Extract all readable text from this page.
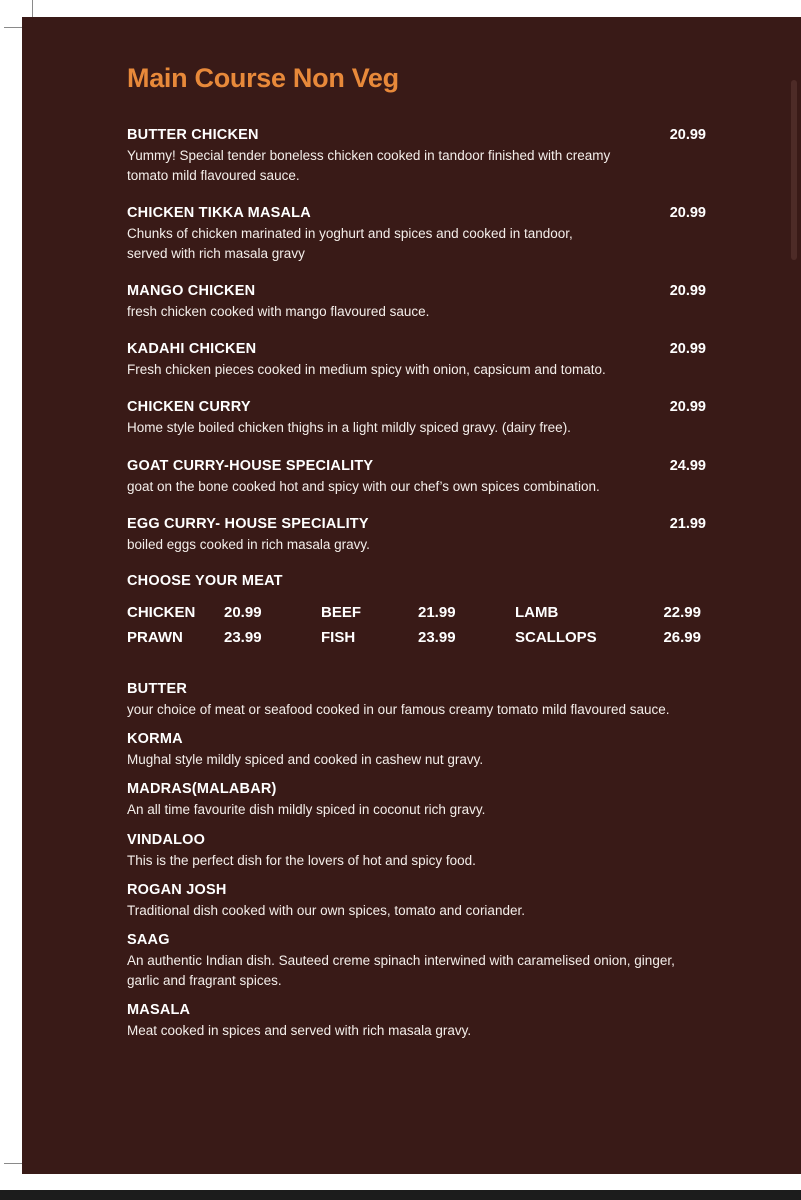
Main Course Non Veg
BUTTER CHICKEN	20.99
Yummy! Special tender boneless chicken cooked in tandoor finished with creamy tomato mild flavoured sauce.
CHICKEN TIKKA MASALA	20.99
Chunks of chicken marinated in yoghurt and spices and cooked in tandoor, served with rich masala gravy
MANGO CHICKEN	20.99
fresh chicken cooked with mango flavoured sauce.
KADAHI CHICKEN	20.99
Fresh chicken pieces cooked in medium spicy with onion, capsicum and tomato.
CHICKEN CURRY	20.99
Home style boiled chicken thighs in a light mildly spiced gravy. (dairy free).
GOAT CURRY-HOUSE SPECIALITY	24.99
goat on the bone cooked hot and spicy with our chef’s own spices combination.
EGG CURRY- HOUSE SPECIALITY	21.99
boiled eggs cooked in rich masala gravy.
CHOOSE YOUR MEAT
CHICKEN 20.99	BEEF	21.99	LAMB	22.99
PRAWN	23.99	FISH	23.99	SCALLOPS	26.99
BUTTER
your choice of meat or seafood cooked in our famous creamy tomato mild flavoured sauce.
KORMA
Mughal style mildly spiced and cooked in cashew nut gravy.
MADRAS(MALABAR)
An all time favourite dish mildly spiced in coconut rich gravy.
VINDALOO
This is the perfect dish for the lovers of hot and spicy food.
ROGAN JOSH
Traditional dish cooked with our own spices, tomato and coriander.
SAAG
An authentic Indian dish. Sauteed creme spinach interwined with caramelised onion, ginger, garlic and fragrant spices.
MASALA
Meat cooked in spices and served with rich masala gravy.
